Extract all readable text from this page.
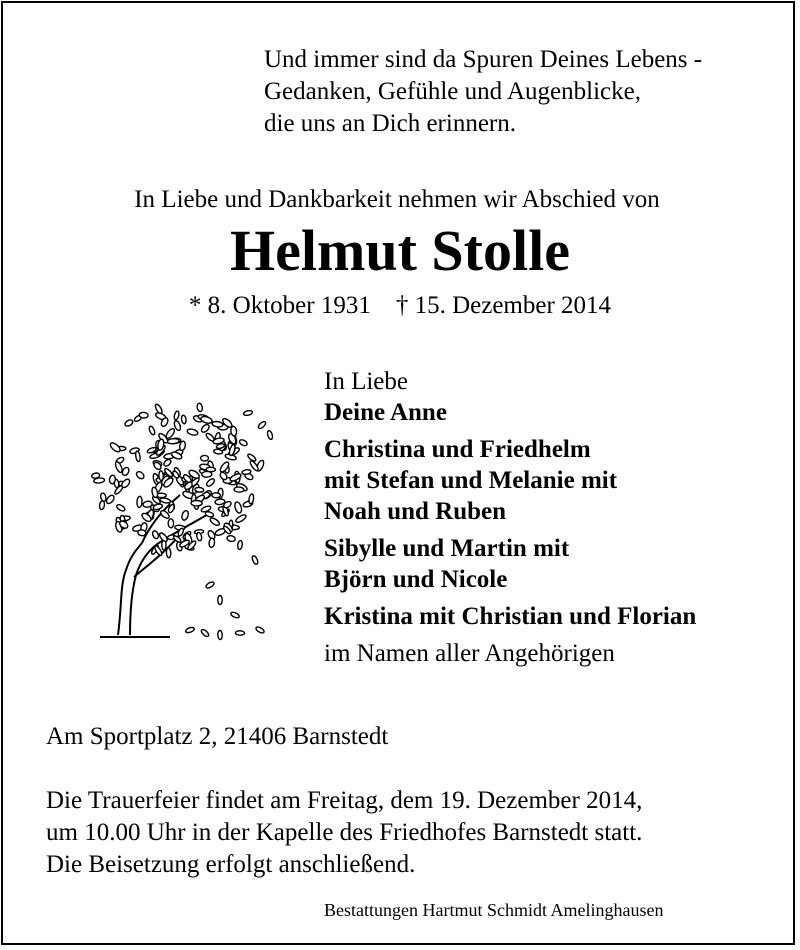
Und immer sind da Spuren Deines Lebens -
Gedanken, Gefühle und Augenblicke,
die uns an Dich erinnern.
In Liebe und Dankbarkeit nehmen wir Abschied von
Helmut Stolle
* 8. Oktober 1931    † 15. Dezember 2014
In Liebe
Deine Anne
Christina und Friedhelm
mit Stefan und Melanie mit
Noah und Ruben
Sibylle und Martin mit
Björn und Nicole
Kristina mit Christian und Florian
im Namen aller Angehörigen
Am Sportplatz 2, 21406 Barnstedt
Die Trauerfeier findet am Freitag, dem 19. Dezember 2014,
um 10.00 Uhr in der Kapelle des Friedhofes Barnstedt statt.
Die Beisetzung erfolgt anschließend.
Bestattungen Hartmut Schmidt Amelinghausen
